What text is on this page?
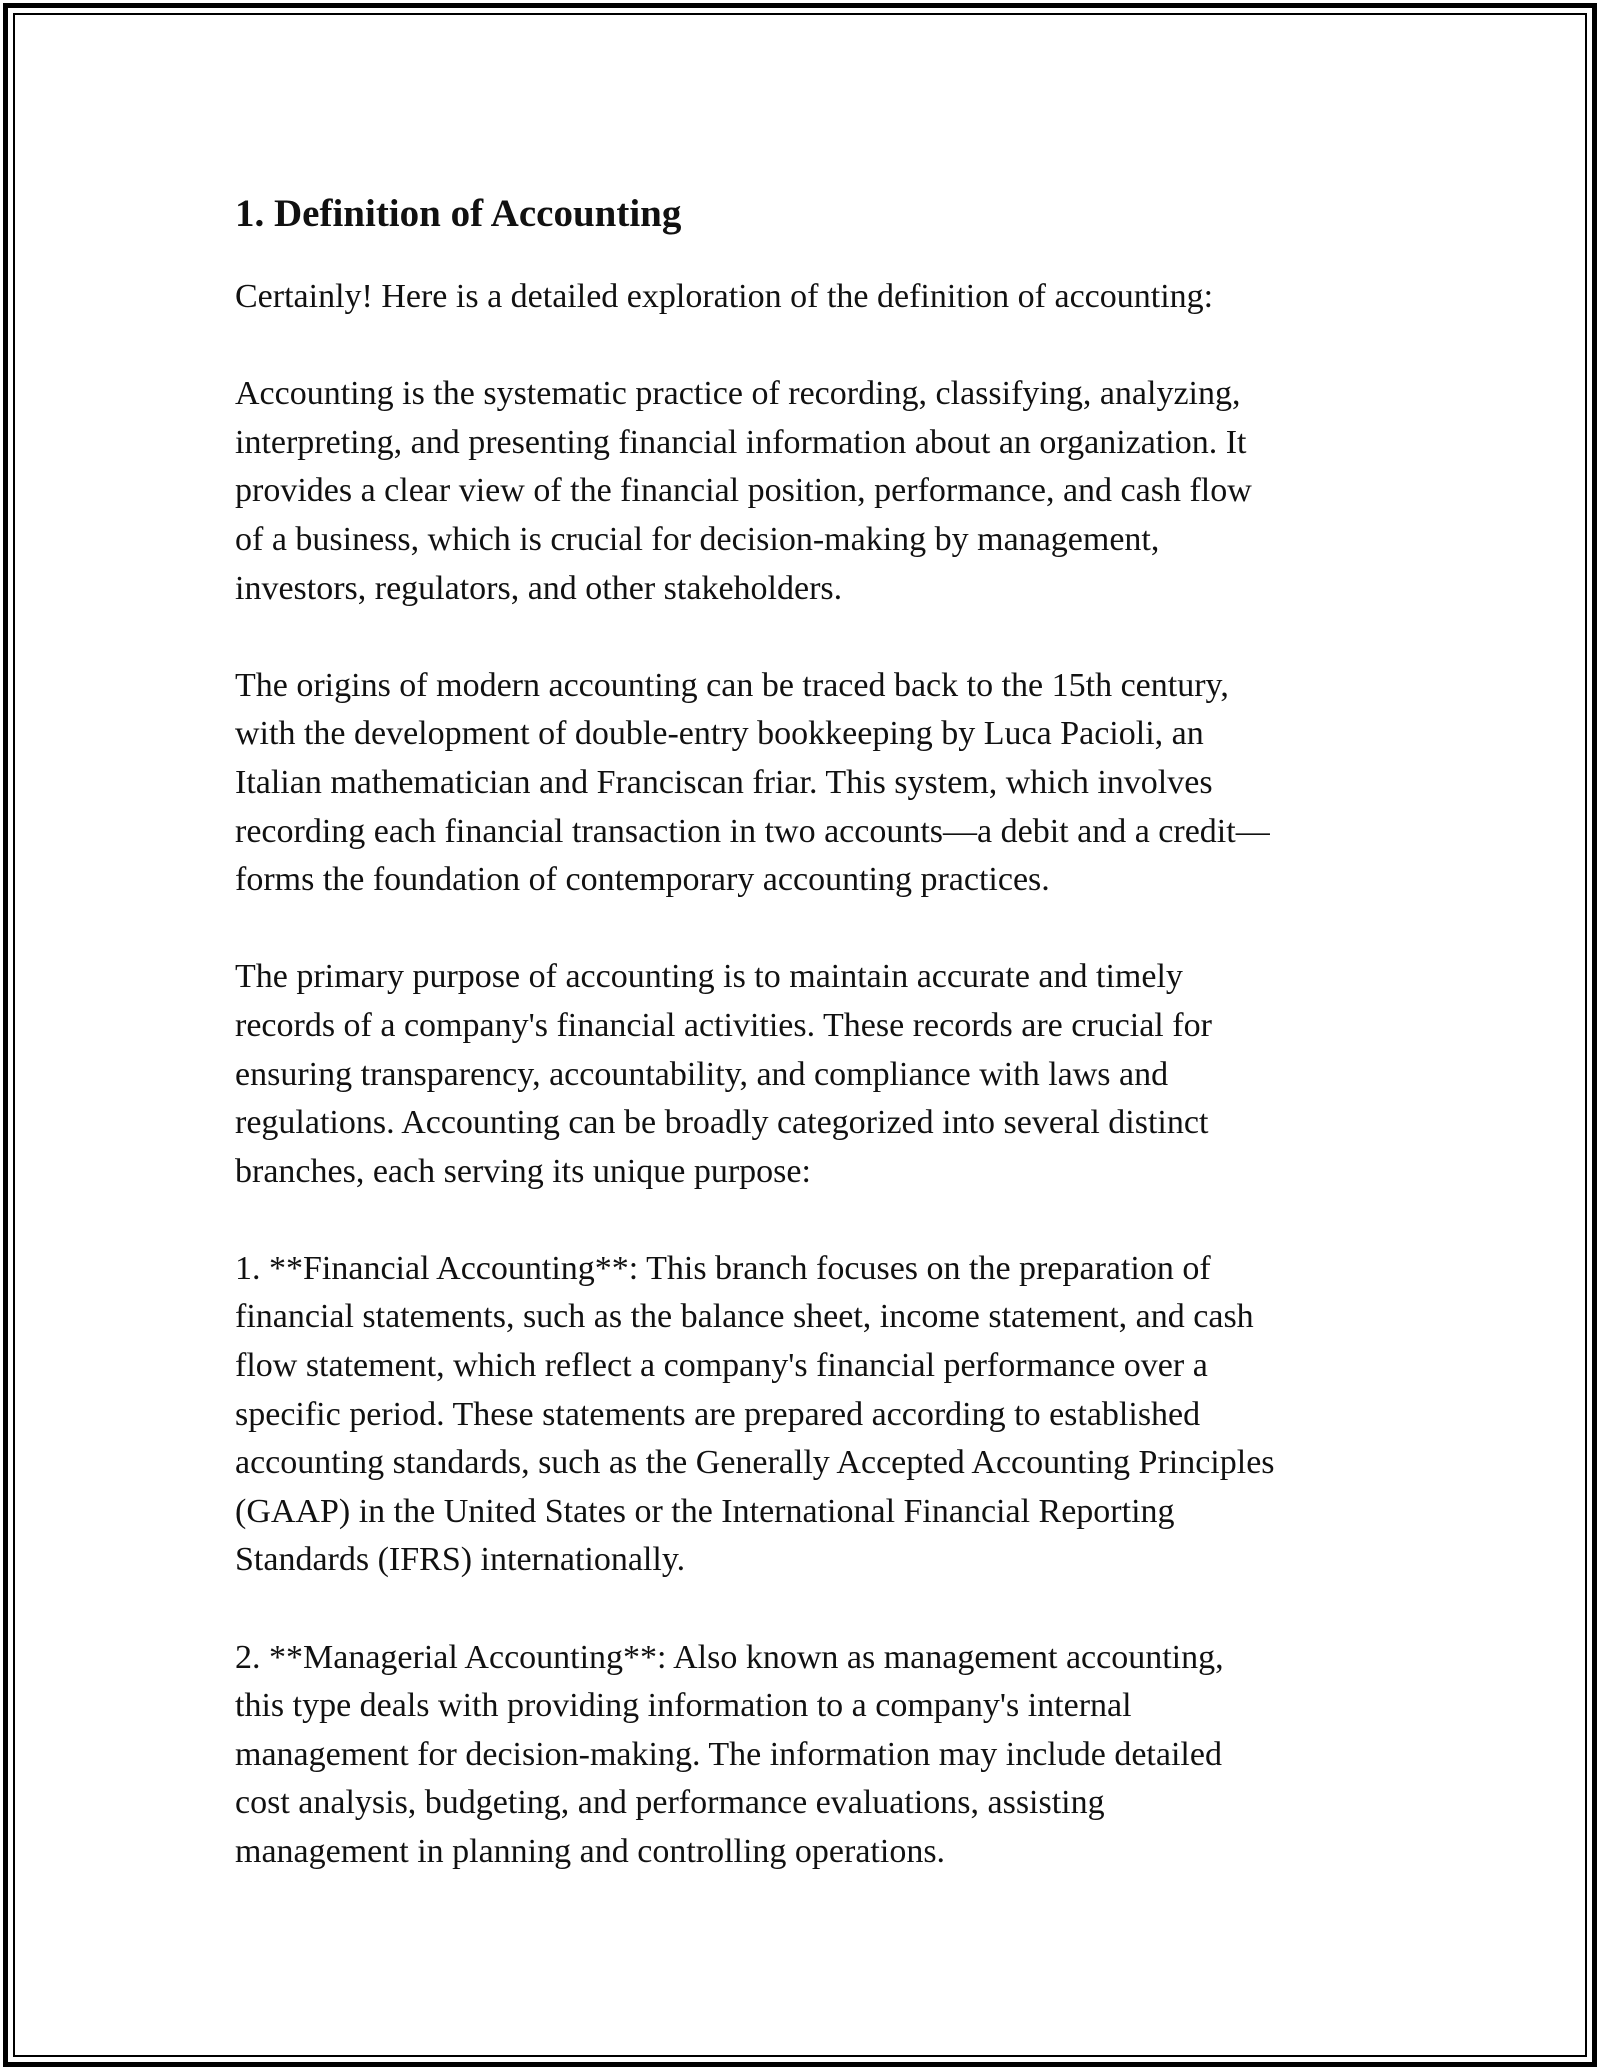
1. Definition of Accounting

Certainly! Here is a detailed exploration of the definition of accounting:

Accounting is the systematic practice of recording, classifying, analyzing,
interpreting, and presenting financial information about an organization. It
provides a clear view of the financial position, performance, and cash flow
of a business, which is crucial for decision-making by management,
investors, regulators, and other stakeholders.

The origins of modern accounting can be traced back to the 15th century,
with the development of double-entry bookkeeping by Luca Pacioli, an
Italian mathematician and Franciscan friar. This system, which involves
recording each financial transaction in two accounts—a debit and a credit—
forms the foundation of contemporary accounting practices.

The primary purpose of accounting is to maintain accurate and timely
records of a company's financial activities. These records are crucial for
ensuring transparency, accountability, and compliance with laws and
regulations. Accounting can be broadly categorized into several distinct
branches, each serving its unique purpose:

1. **Financial Accounting**: This branch focuses on the preparation of
financial statements, such as the balance sheet, income statement, and cash
flow statement, which reflect a company's financial performance over a
specific period. These statements are prepared according to established
accounting standards, such as the Generally Accepted Accounting Principles
(GAAP) in the United States or the International Financial Reporting
Standards (IFRS) internationally.

2. **Managerial Accounting**: Also known as management accounting,
this type deals with providing information to a company's internal
management for decision-making. The information may include detailed
cost analysis, budgeting, and performance evaluations, assisting
management in planning and controlling operations.
